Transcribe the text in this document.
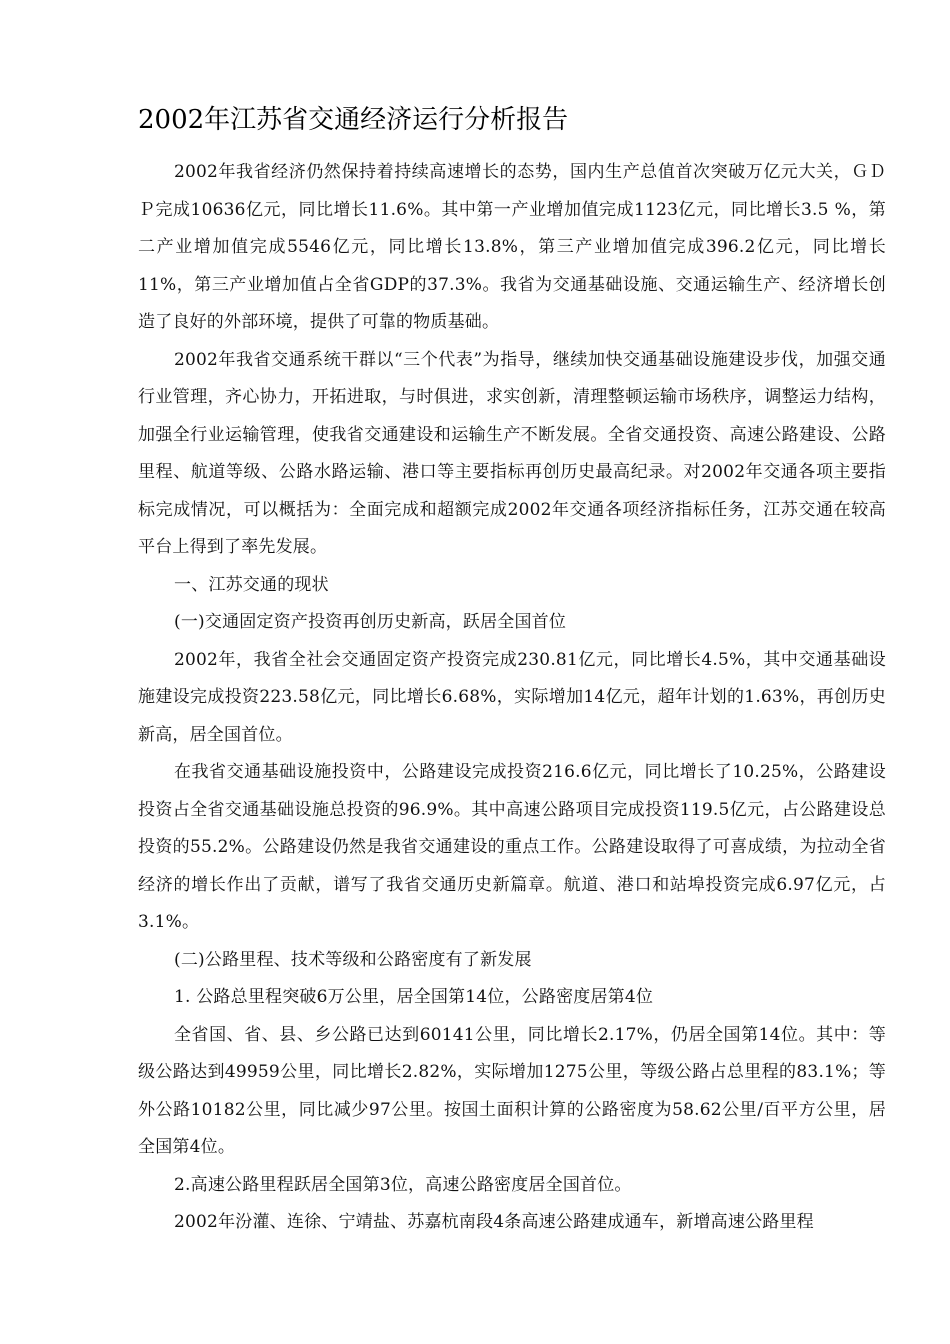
2002年江苏省交通经济运行分析报告

2002年我省经济仍然保持着持续高速增长的态势，国内生产总值首次突破万亿元大关，ＧＤＰ完成10636亿元，同比增长11.6%。其中第一产业增加值完成1123亿元，同比增长3.5 %，第二产业增加值完成5546亿元，同比增长13.8%，第三产业增加值完成396.2亿元，同比增长11%，第三产业增加值占全省GDP的37.3%。我省为交通基础设施、交通运输生产、经济增长创造了良好的外部环境，提供了可靠的物质基础。

2002年我省交通系统干群以“三个代表”为指导，继续加快交通基础设施建设步伐，加强交通行业管理，齐心协力，开拓进取，与时俱进，求实创新，清理整顿运输市场秩序，调整运力结构，加强全行业运输管理，使我省交通建设和运输生产不断发展。全省交通投资、高速公路建设、公路里程、航道等级、公路水路运输、港口等主要指标再创历史最高纪录。对2002年交通各项主要指标完成情况，可以概括为：全面完成和超额完成2002年交通各项经济指标任务，江苏交通在较高平台上得到了率先发展。

一、江苏交通的现状

(一)交通固定资产投资再创历史新高，跃居全国首位

2002年，我省全社会交通固定资产投资完成230.81亿元，同比增长4.5%，其中交通基础设施建设完成投资223.58亿元，同比增长6.68%，实际增加14亿元，超年计划的1.63%，再创历史新高，居全国首位。

在我省交通基础设施投资中，公路建设完成投资216.6亿元，同比增长了10.25%，公路建设投资占全省交通基础设施总投资的96.9%。其中高速公路项目完成投资119.5亿元，占公路建设总投资的55.2%。公路建设仍然是我省交通建设的重点工作。公路建设取得了可喜成绩，为拉动全省经济的增长作出了贡献，谱写了我省交通历史新篇章。航道、港口和站埠投资完成6.97亿元，占3.1%。

(二)公路里程、技术等级和公路密度有了新发展

1. 公路总里程突破6万公里，居全国第14位，公路密度居第4位

全省国、省、县、乡公路已达到60141公里，同比增长2.17%，仍居全国第14位。其中：等级公路达到49959公里，同比增长2.82%，实际增加1275公里，等级公路占总里程的83.1%；等外公路10182公里，同比减少97公里。按国土面积计算的公路密度为58.62公里/百平方公里，居全国第4位。

2.高速公路里程跃居全国第3位，高速公路密度居全国首位。

2002年汾灌、连徐、宁靖盐、苏嘉杭南段4条高速公路建成通车，新增高速公路里程
